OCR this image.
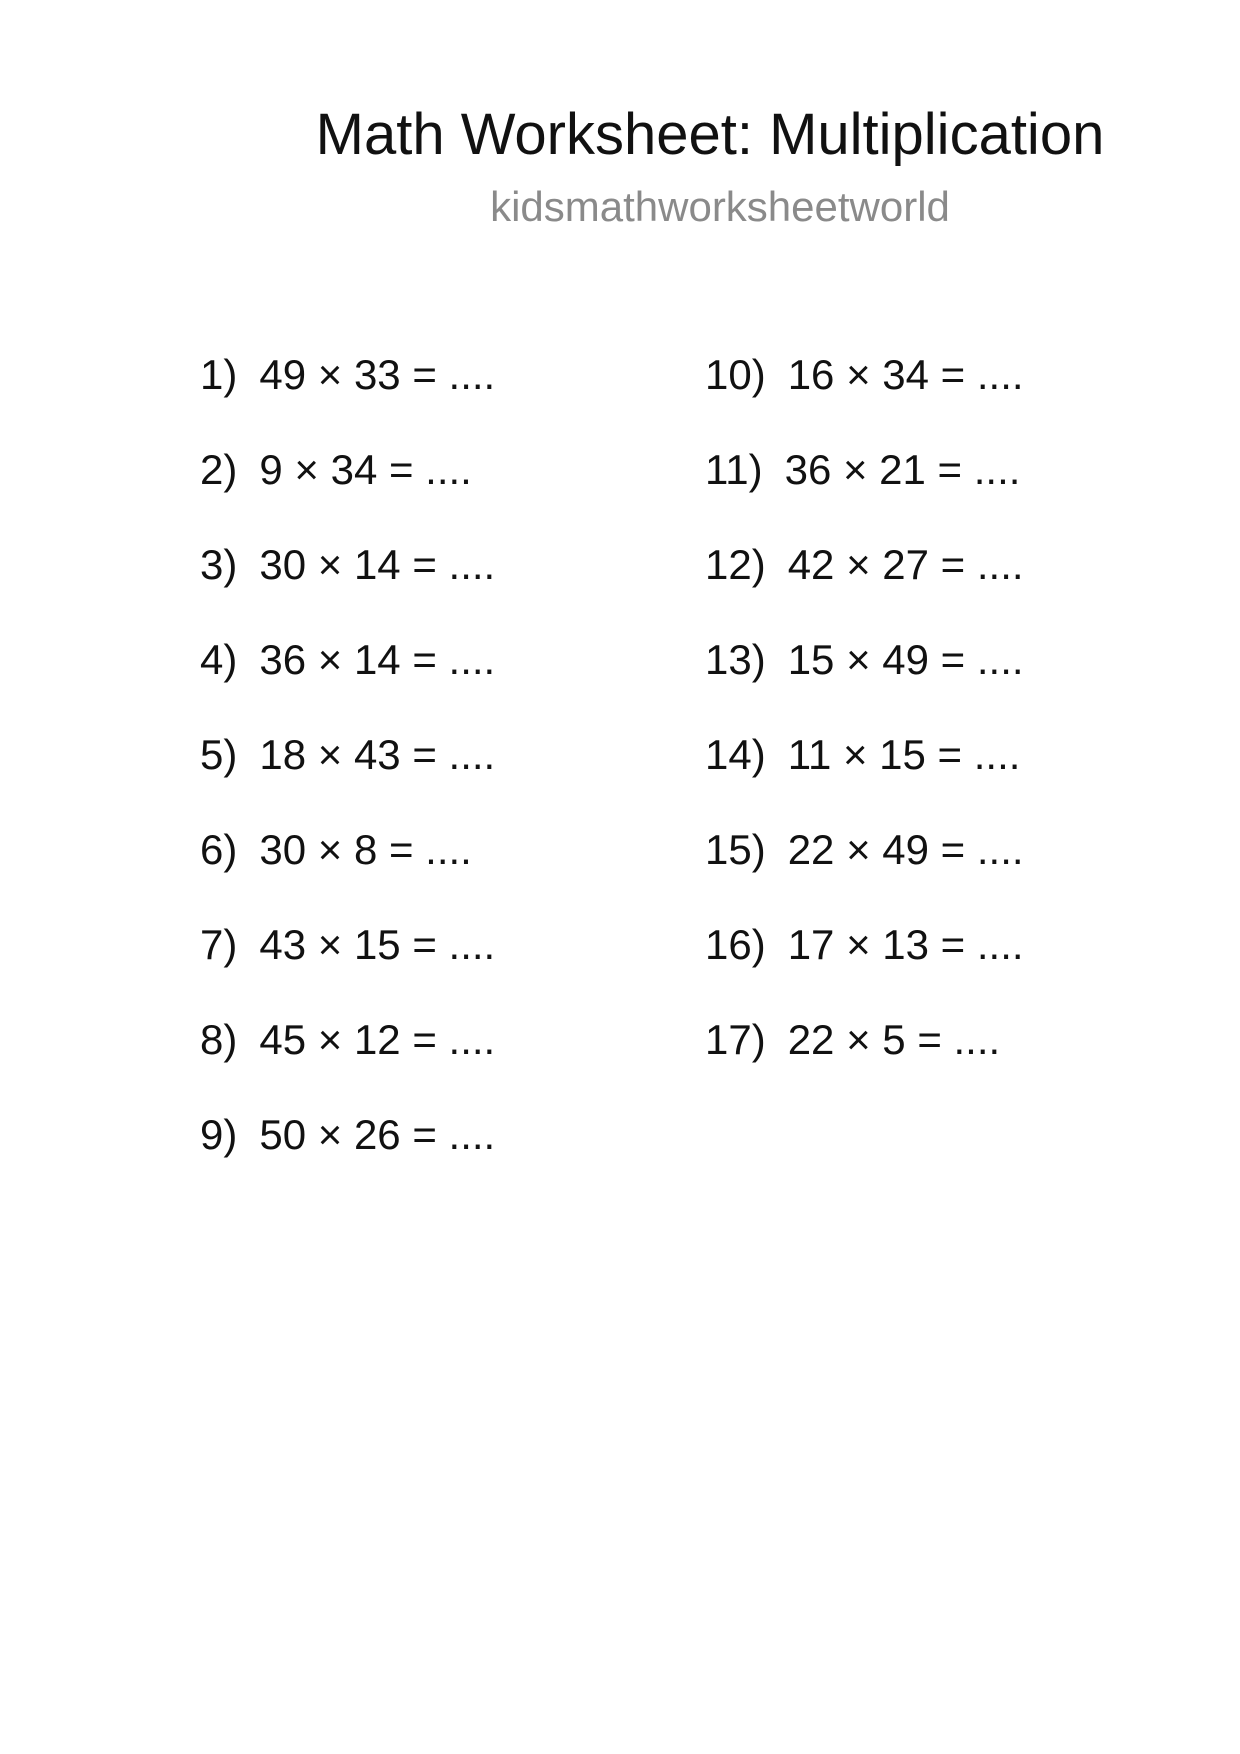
Math Worksheet: Multiplication
kidsmathworksheetworld
1) 49 × 33 = ....
2) 9 × 34 = ....
3) 30 × 14 = ....
4) 36 × 14 = ....
5) 18 × 43 = ....
6) 30 × 8 = ....
7) 43 × 15 = ....
8) 45 × 12 = ....
9) 50 × 26 = ....
10) 16 × 34 = ....
11) 36 × 21 = ....
12) 42 × 27 = ....
13) 15 × 49 = ....
14) 11 × 15 = ....
15) 22 × 49 = ....
16) 17 × 13 = ....
17) 22 × 5 = ....
